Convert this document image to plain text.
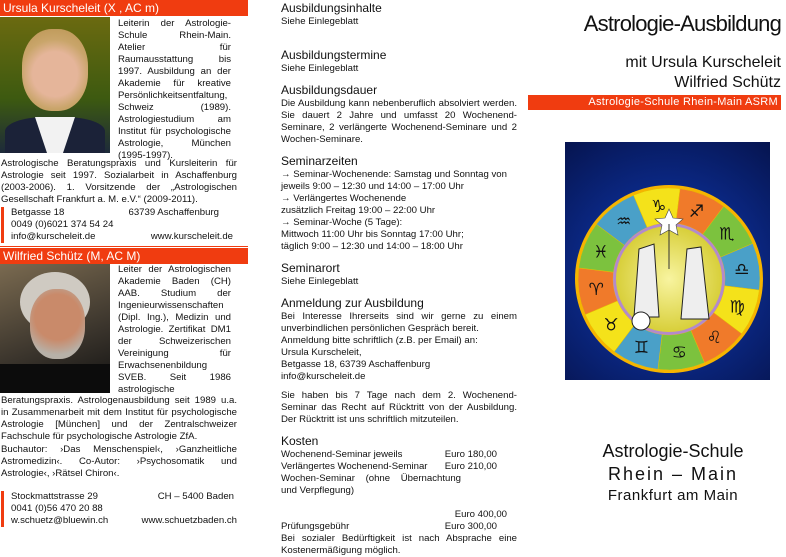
Ursula Kurscheleit (X , AC m)
Leiterin der Astrologie-Schule Rhein-Main. Atelier für Raumausstattung bis 1997. Ausbildung an der Akademie für kreative Persönlichkeitsentfaltung, Schweiz (1989). Astrologiestudium am Institut für psychologische Astrologie, München (1995-1997).
Astrologische Beratungspraxis und Kursleiterin für Astrologie seit 1997. Sozialarbeit in Aschaffenburg (2003-2006). 1. Vorsitzende der „Astrologischen Gesellschaft Frankfurt a. M. e.V.“ (2009-2011).
Betgasse 18	63739 Aschaffenburg
0049 (0)6021 374 54 24
info@kurscheleit.de	www.kurscheleit.de
Wilfried Schütz (M, AC M)
Leiter der Astrologischen Akademie Baden (CH) AAB. Studium der Ingenieurwissenschaften (Dipl. Ing.), Medizin und Astrologie. Zertifikat DM1 der Schweizerischen Vereinigung für Erwachsenenbildung SVEB. Seit 1986 astrologische
Beratungspraxis. Astrologenausbildung seit 1989 u.a. in Zusammenarbeit mit dem Institut für psychologische Astrologie [München] und der Zentralschweizer Fachschule für psychologische Astrologie ZfA.
Buchautor: ›Das Menschenspiel‹, ›Ganzheitliche Astromedizin‹. Co-Autor: ›Psychosomatik und Astrologie‹, ›Rätsel Chiron‹.
Stockmattstrasse 29	CH – 5400 Baden
0041 (0)56 470 20 88
w.schuetz@bluewin.ch	www.schuetzbaden.ch
Ausbildungsinhalte
Siehe Einlegeblatt
Ausbildungstermine
Siehe Einlegeblatt
Ausbildungsdauer
Die Ausbildung kann nebenberuflich absolviert werden. Sie dauert 2 Jahre und umfasst 20 Wochenend-Seminare, 2 verlängerte Wochenend-Seminare und 2 Wochen-Seminare.
Seminarzeiten
→ Seminar-Wochenende: Samstag und Sonntag von jeweils 9:00 – 12:30 und 14:00 – 17:00 Uhr
→ Verlängertes Wochenende
zusätzlich Freitag 19:00 – 22:00 Uhr
→ Seminar-Woche (5 Tage):
Mittwoch 11:00 Uhr bis Sonntag 17:00 Uhr;
täglich 9:00 – 12:30 und 14:00 – 18:00 Uhr
Seminarort
Siehe Einlegeblatt
Anmeldung zur Ausbildung
Bei Interesse Ihrerseits sind wir gerne zu einem unverbindlichen persönlichen Gespräch bereit.
Anmeldung bitte schriftlich (z.B. per Email) an:
Ursula Kurscheleit,
Betgasse 18, 63739 Aschaffenburg
info@kurscheleit.de
Sie haben bis 7 Tage nach dem 2. Wochenend-Seminar das Recht auf Rücktritt von der Ausbildung. Der Rücktritt ist uns schriftlich mitzuteilen.
Kosten
Wochenend-Seminar jeweils	Euro 180,00
Verlängertes Wochenend-Seminar Euro 210,00
Wochen-Seminar (ohne Übernachtung und Verpflegung)
Euro 400,00
Prüfungsgebühr	Euro 300,00
Bei sozialer Bedürftigkeit ist nach Absprache eine Kostenermäßigung möglich.
Astrologie-Ausbildung
mit Ursula Kurscheleit
Wilfried Schütz
Astrologie-Schule Rhein-Main ASRM
♑ ♐
♏
♎
♍
♌
♋
♊
♉
♈
♓
♒
Astrologie-Schule
Rhein – Main
Frankfurt am Main
